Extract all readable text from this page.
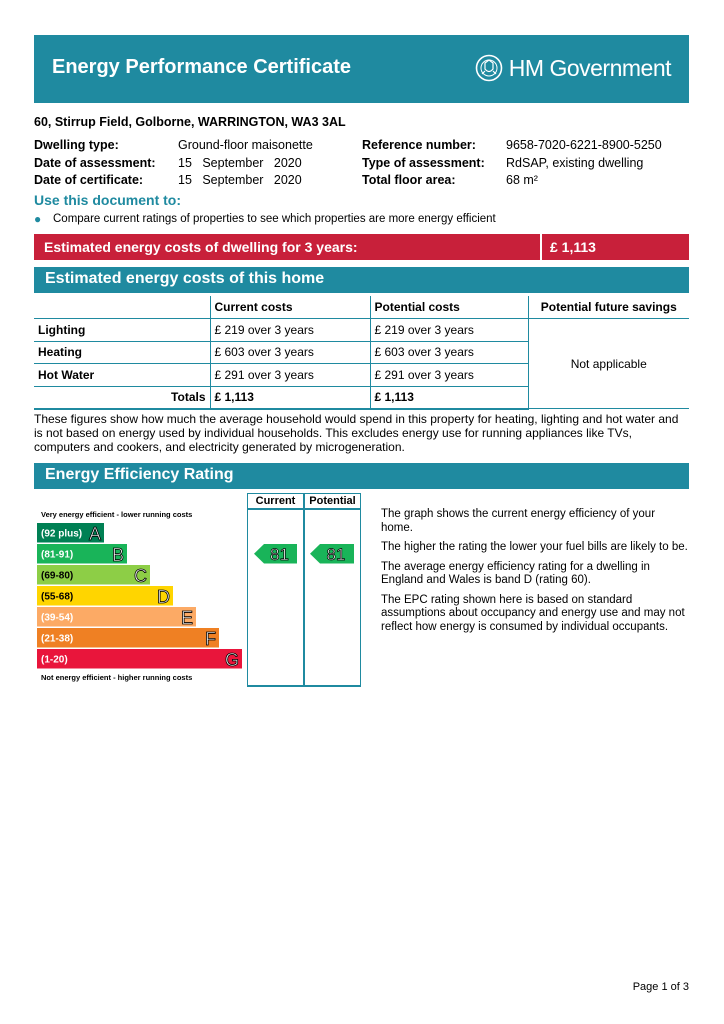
Energy Performance Certificate	HM Government
60, Stirrup Field, Golborne, WARRINGTON, WA3 3AL
Dwelling type:	Ground-floor maisonette
Date of assessment:	15   September   2020
Date of certificate:	15   September   2020
Reference number:	9658-7020-6221-8900-5250
Type of assessment:	RdSAP, existing dwelling
Total floor area:	68 m²
Use this document to:
●	Compare current ratings of properties to see which properties are more energy efficient
Estimated energy costs of dwelling for 3 years:	£ 1,113
Estimated energy costs of this home
	Current costs	Potential costs	Potential future savings
Lighting	£ 219 over 3 years	£ 219 over 3 years	Not applicable
Heating	£ 603 over 3 years	£ 603 over 3 years	
Hot Water	£ 291 over 3 years	£ 291 over 3 years	
Totals	£ 1,113	£ 1,113	
These figures show how much the average household would spend in this property for heating, lighting and hot water and is not based on energy used by individual households. This excludes energy use for running appliances like TVs, computers and cookers, and electricity generated by microgeneration.
Energy Efficiency Rating
Current Potential
Very energy efficient - lower running costs
Not energy efficient - higher running costs
(92 plus) A
(81-91) B
(69-80)	C
(55-68)	D
(39-54)	E
(21-38)	F
(1-20)	G
81 81

The graph shows the current energy efficiency of your home.

The higher the rating the lower your fuel bills are likely to be.

The average energy efficiency rating for a dwelling in England and Wales is band D (rating 60).

The EPC rating shown here is based on standard assumptions about occupancy and energy use and may not reflect how energy is consumed by individual occupants.

Page 1 of 3
